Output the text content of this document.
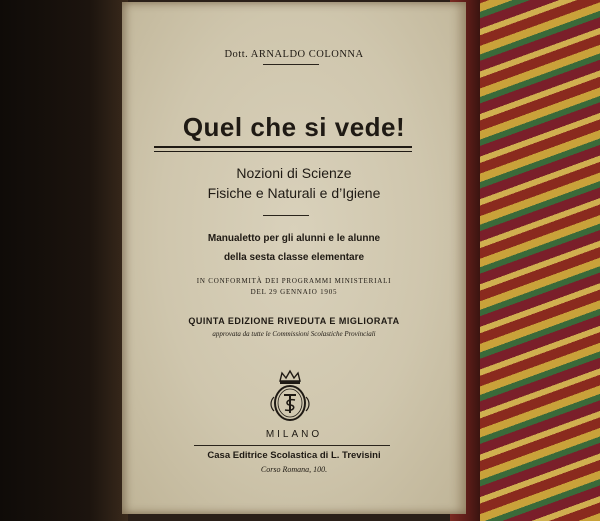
Dott. ARNALDO COLONNA
Quel che si vede!
Nozioni di Scienze
Fisiche e Naturali e d’Igiene
Manualetto per gli alunni e le alunne
della sesta classe elementare
IN CONFORMITÀ DEI PROGRAMMI MINISTERIALI
DEL 29 GENNAIO 1905
QUINTA EDIZIONE RIVEDUTA E MIGLIORATA
approvata da tutte le Commissioni Scolastiche Provinciali
MILANO
Casa Editrice Scolastica di L. Trevisini
Corso Romana, 100.
